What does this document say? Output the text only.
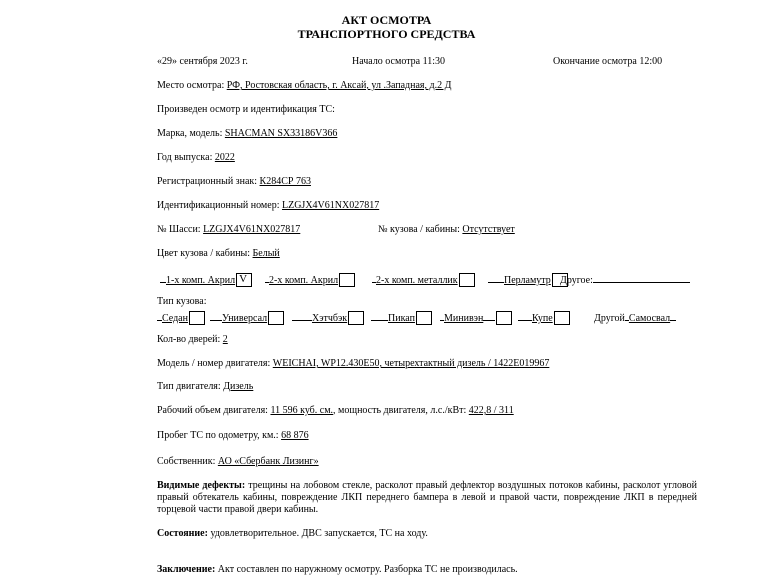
АКТ ОСМОТРА
ТРАНСПОРТНОГО СРЕДСТВА
«29» сентября 2023 г.	Начало осмотра 11:30	Окончание осмотра 12:00
Место осмотра: РФ, Ростовская область, г. Аксай, ул .Западная, д.2 Д
Произведен осмотр и идентификация ТС:
Марка, модель: SHACMAN SX33186V366
Год выпуска: 2022
Регистрационный знак: К284СР 763
Идентификационный номер: LZGJX4V61NX027817
№ Шасси: LZGJX4V61NX027817	№ кузова / кабины: Отсутствует
Цвет кузова / кабины: Белый
1-х комп. Акрил V	2-х комп. Акрил	2-х комп. металлик	Перламутр Другое:
Тип кузова:
Седан	Универсал	Хэтчбэк	Пикап	Минивэн	Купе	Другой Самосвал
Кол-во дверей: 2
Модель / номер двигателя: WEICHAI, WP12.430E50, четырехтактный дизель / 1422E019967
Тип двигателя: Дизель
Рабочий объем двигателя: 11 596 куб. см., мощность двигателя, л.с./кВт: 422,8 / 311
Пробег ТС по одометру, км.: 68 876
Собственник: АО «Сбербанк Лизинг»
Видимые дефекты: трещины на лобовом стекле, расколот правый дефлектор воздушных потоков кабины, расколот угловой правый обтекатель кабины, повреждение ЛКП переднего бампера в левой и правой части, повреждение ЛКП в передней торцевой части правой двери кабины.
Состояние: удовлетворительное. ДВС запускается, ТС на ходу.
Заключение: Акт составлен по наружному осмотру. Разборка ТС не производилась.
